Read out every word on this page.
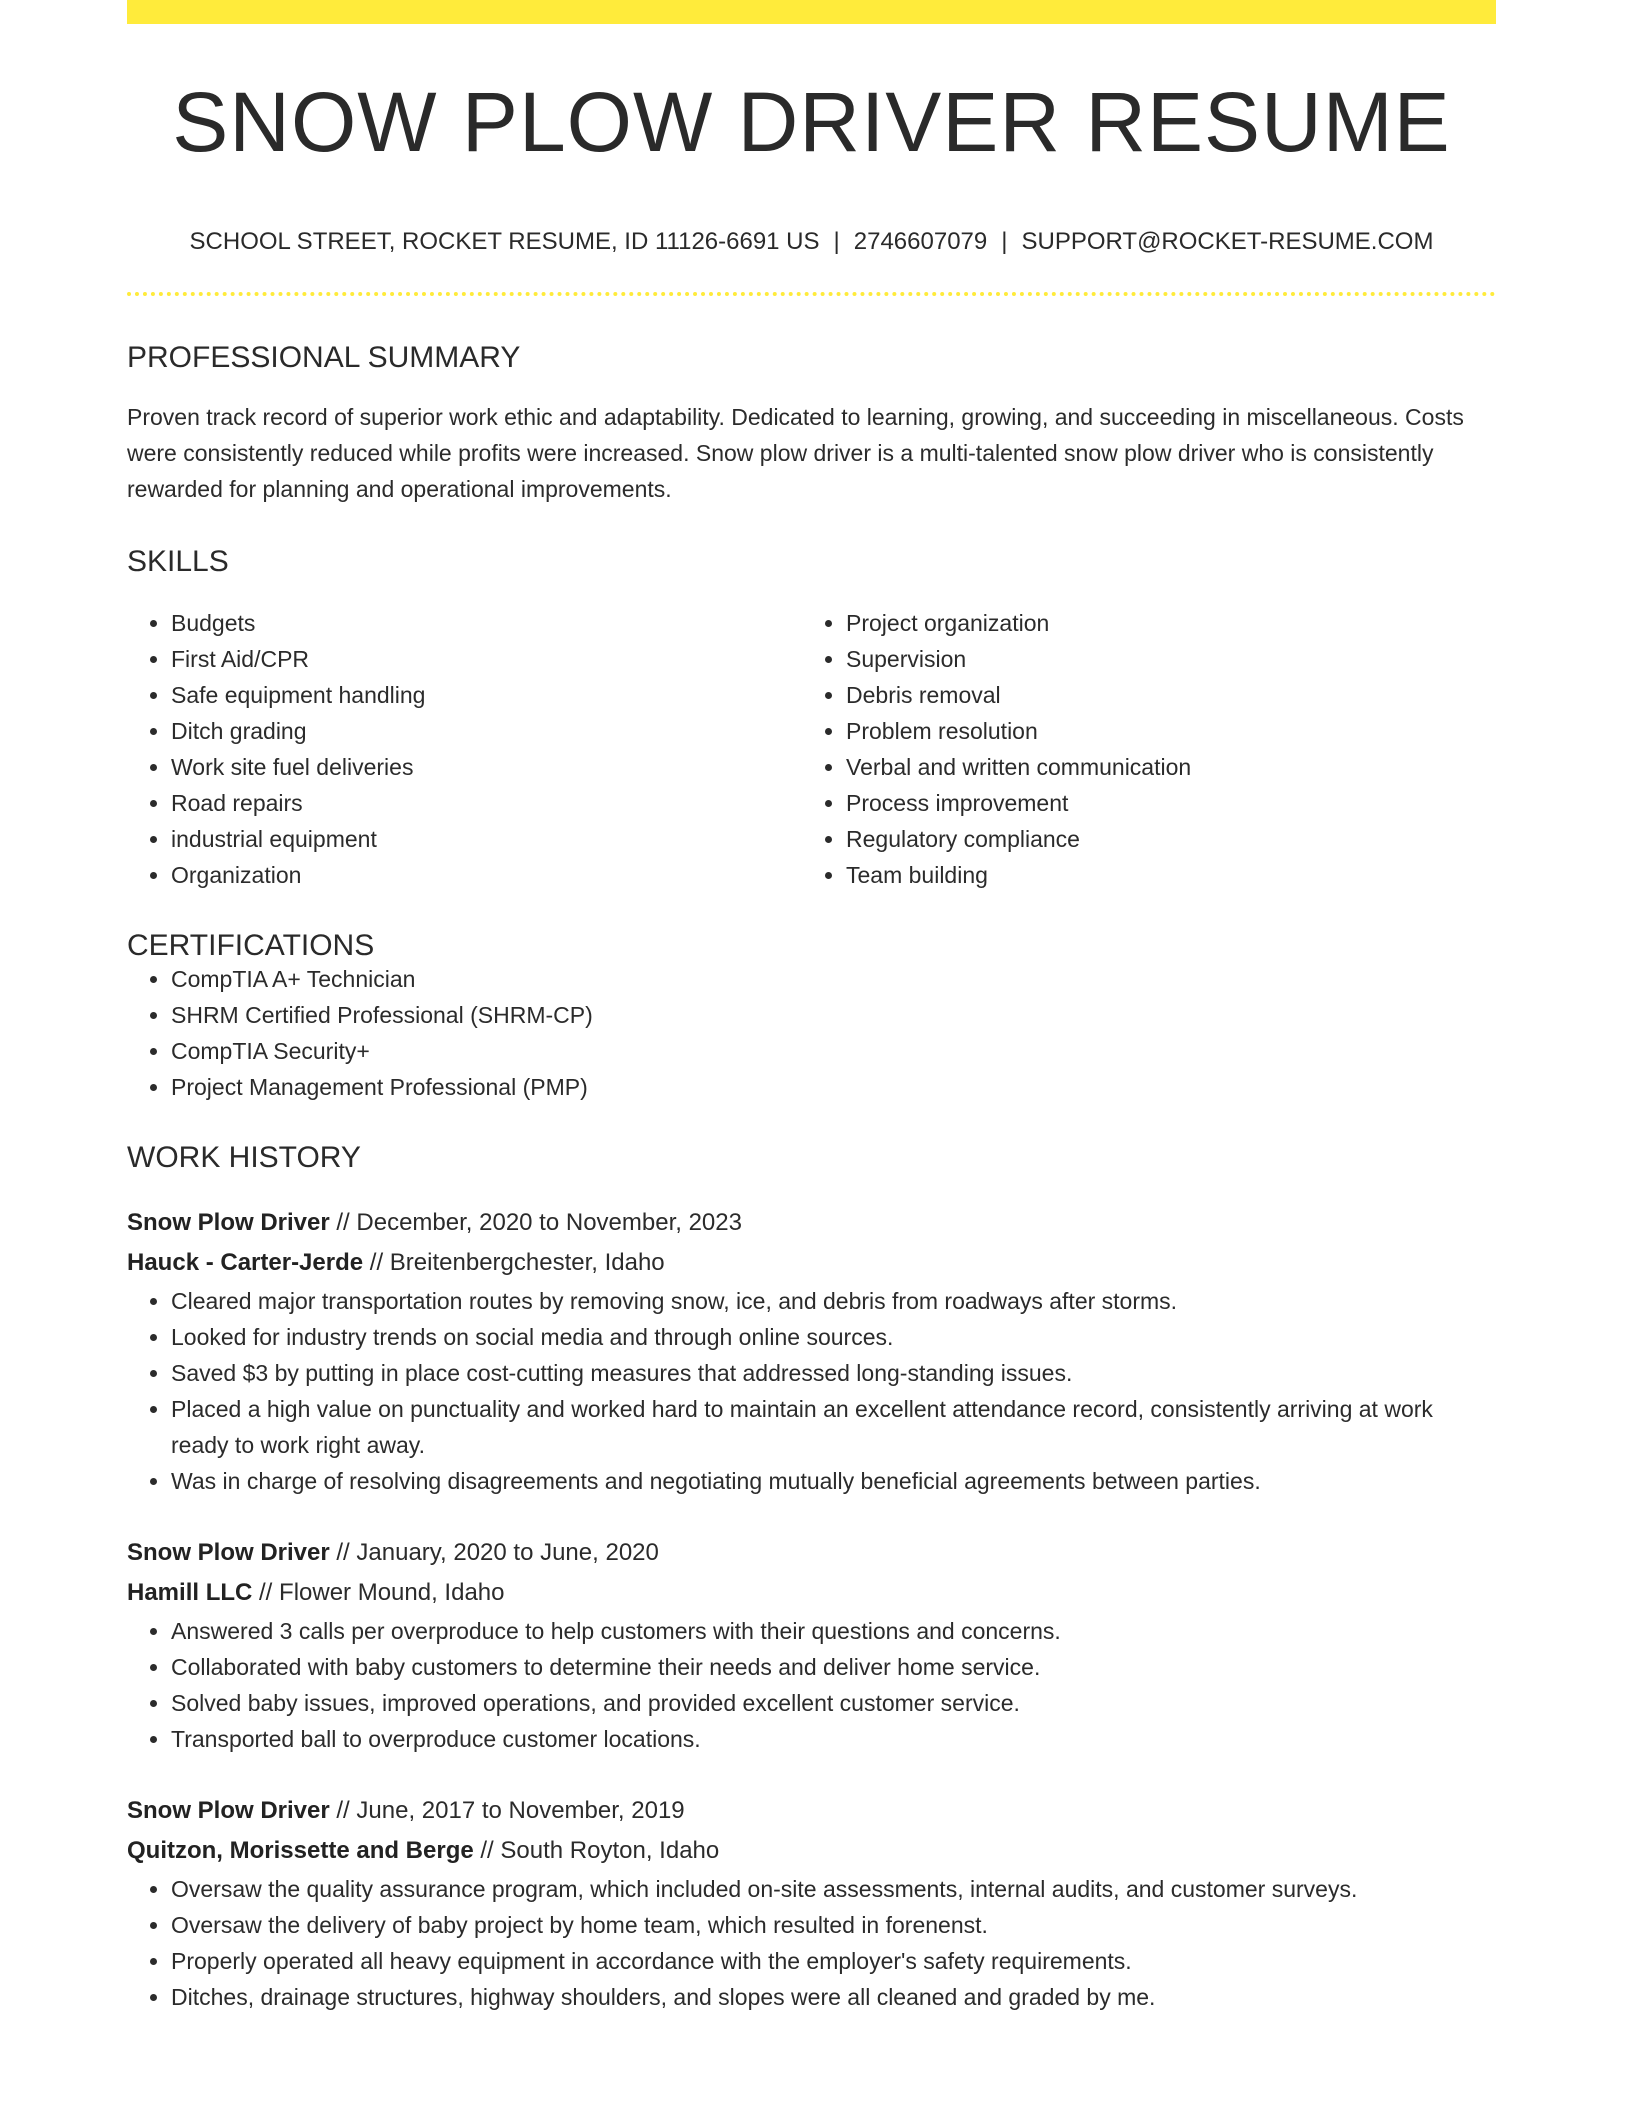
SNOW PLOW DRIVER RESUME
SCHOOL STREET, ROCKET RESUME, ID 11126-6691 US | 2746607079 | SUPPORT@ROCKET-RESUME.COM
PROFESSIONAL SUMMARY

Proven track record of superior work ethic and adaptability. Dedicated to learning, growing, and succeeding in miscellaneous. Costs were consistently reduced while profits were increased. Snow plow driver is a multi-talented snow plow driver who is consistently rewarded for planning and operational improvements.

SKILLS
• Budgets
• First Aid/CPR
• Safe equipment handling
• Ditch grading
• Work site fuel deliveries
• Road repairs
• industrial equipment
• Organization
• Project organization
• Supervision
• Debris removal
• Problem resolution
• Verbal and written communication
• Process improvement
• Regulatory compliance
• Team building
CERTIFICATIONS
• CompTIA A+ Technician
• SHRM Certified Professional (SHRM-CP)
• CompTIA Security+
• Project Management Professional (PMP)
WORK HISTORY
Snow Plow Driver // December, 2020 to November, 2023
Hauck - Carter-Jerde // Breitenbergchester, Idaho
• Cleared major transportation routes by removing snow, ice, and debris from roadways after storms.
• Looked for industry trends on social media and through online sources.
• Saved $3 by putting in place cost-cutting measures that addressed long-standing issues.
• Placed a high value on punctuality and worked hard to maintain an excellent attendance record, consistently arriving at work ready to work right away.
• Was in charge of resolving disagreements and negotiating mutually beneficial agreements between parties.
Snow Plow Driver // January, 2020 to June, 2020
Hamill LLC // Flower Mound, Idaho
• Answered 3 calls per overproduce to help customers with their questions and concerns.
• Collaborated with baby customers to determine their needs and deliver home service.
• Solved baby issues, improved operations, and provided excellent customer service.
• Transported ball to overproduce customer locations.
Snow Plow Driver // June, 2017 to November, 2019
Quitzon, Morissette and Berge // South Royton, Idaho
• Oversaw the quality assurance program, which included on-site assessments, internal audits, and customer surveys.
• Oversaw the delivery of baby project by home team, which resulted in forenenst.
• Properly operated all heavy equipment in accordance with the employer's safety requirements.
• Ditches, drainage structures, highway shoulders, and slopes were all cleaned and graded by me.
